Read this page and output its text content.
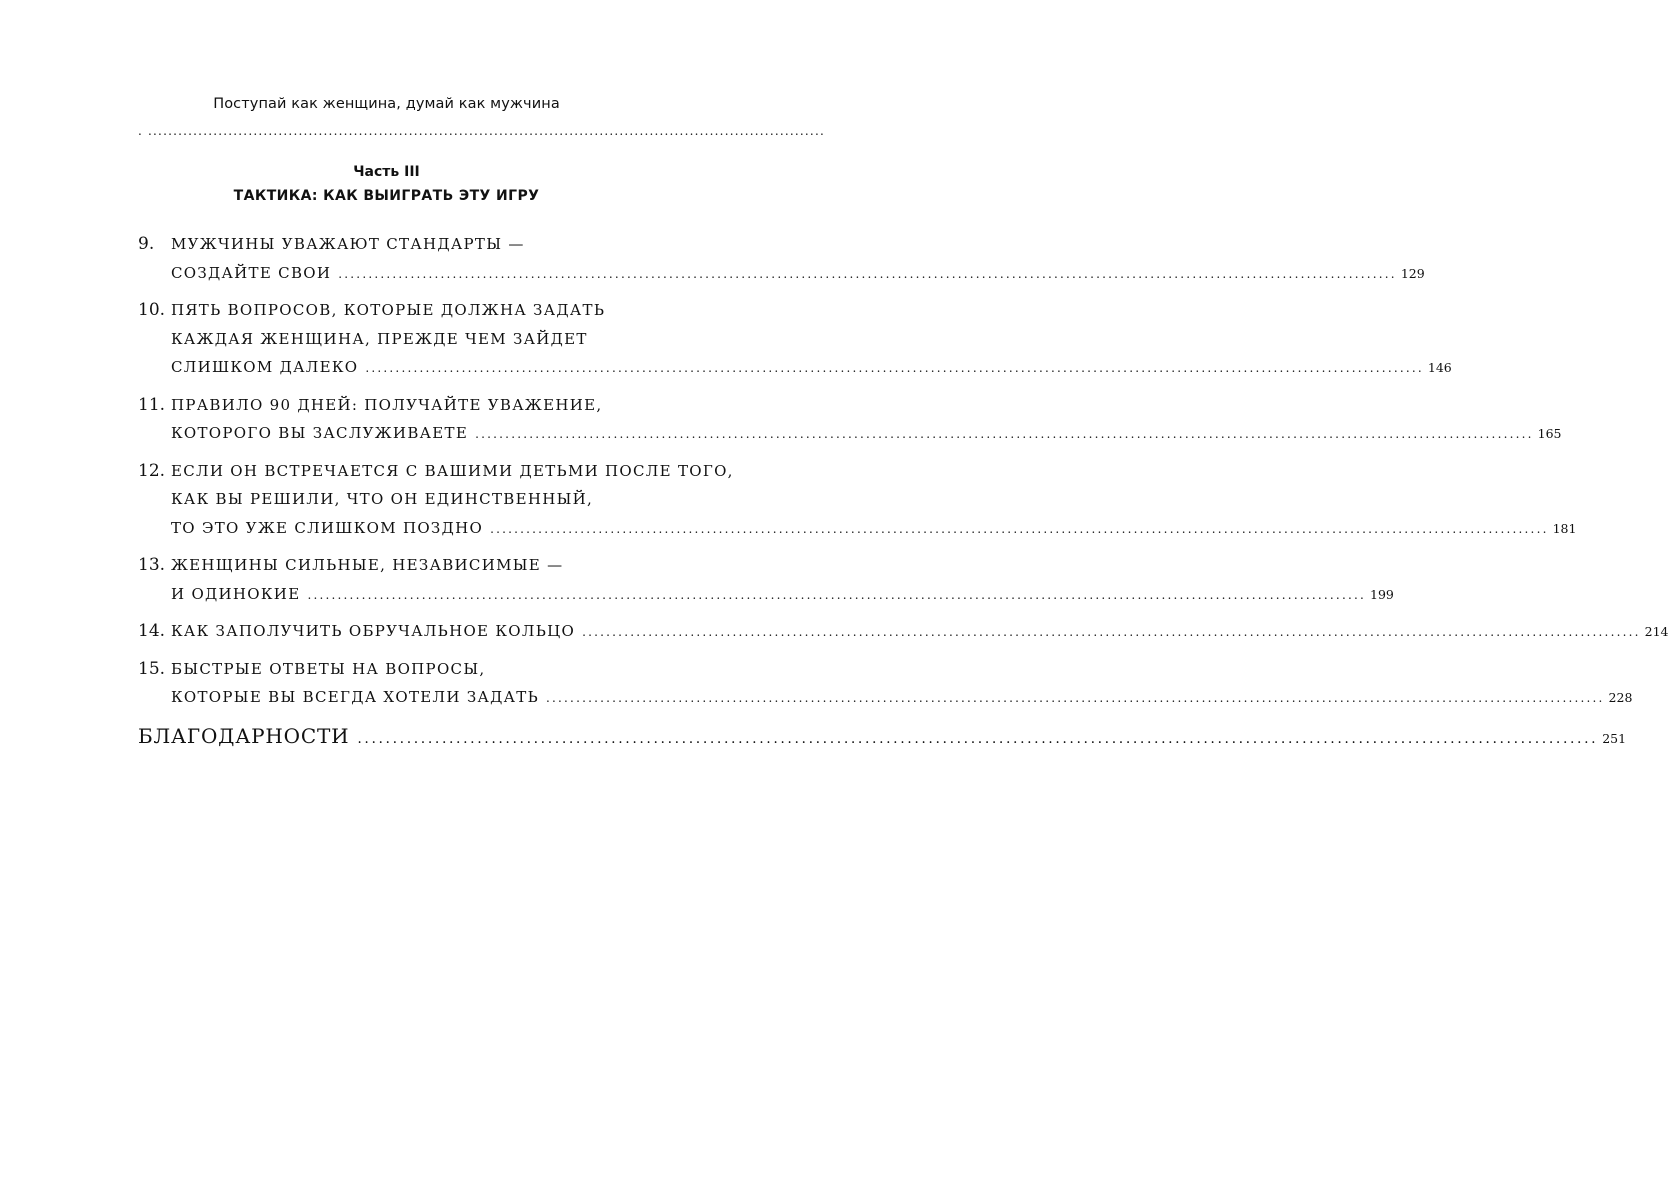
Поступай как женщина, думай как мужчина
. .......................................................................................................................................
Часть III
ТАКТИКА: КАК ВЫИГРАТЬ ЭТУ ИГРУ
9.	МУЖЧИНЫ УВАЖАЮТ СТАНДАРТЫ —
СОЗДАЙТЕ СВОИ .....	129
10. ПЯТЬ ВОПРОСОВ, КОТОРЫЕ ДОЛЖНА ЗАДАТЬ
КАЖДАЯ ЖЕНЩИНА, ПРЕЖДЕ ЧЕМ ЗАЙДЕТ
СЛИШКОМ ДАЛЕКО .....	146
11. ПРАВИЛО 90 ДНЕЙ: ПОЛУЧАЙТЕ УВАЖЕНИЕ,
КОТОРОГО ВЫ ЗАСЛУЖИВАЕТЕ .....	165
12. ЕСЛИ ОН ВСТРЕЧАЕТСЯ С ВАШИМИ ДЕТЬМИ ПОСЛЕ ТОГО,
КАК ВЫ РЕШИЛИ, ЧТО ОН ЕДИНСТВЕННЫЙ,
ТО ЭТО УЖЕ СЛИШКОМ ПОЗДНО .....	181
13. ЖЕНЩИНЫ СИЛЬНЫЕ, НЕЗАВИСИМЫЕ —
И ОДИНОКИЕ .....	199
14. КАК ЗАПОЛУЧИТЬ ОБРУЧАЛЬНОЕ КОЛЬЦО .....	214
15. БЫСТРЫЕ ОТВЕТЫ НА ВОПРОСЫ,
КОТОРЫЕ ВЫ ВСЕГДА ХОТЕЛИ ЗАДАТЬ .....	228
БЛАГОДАРНОСТИ .....	251
